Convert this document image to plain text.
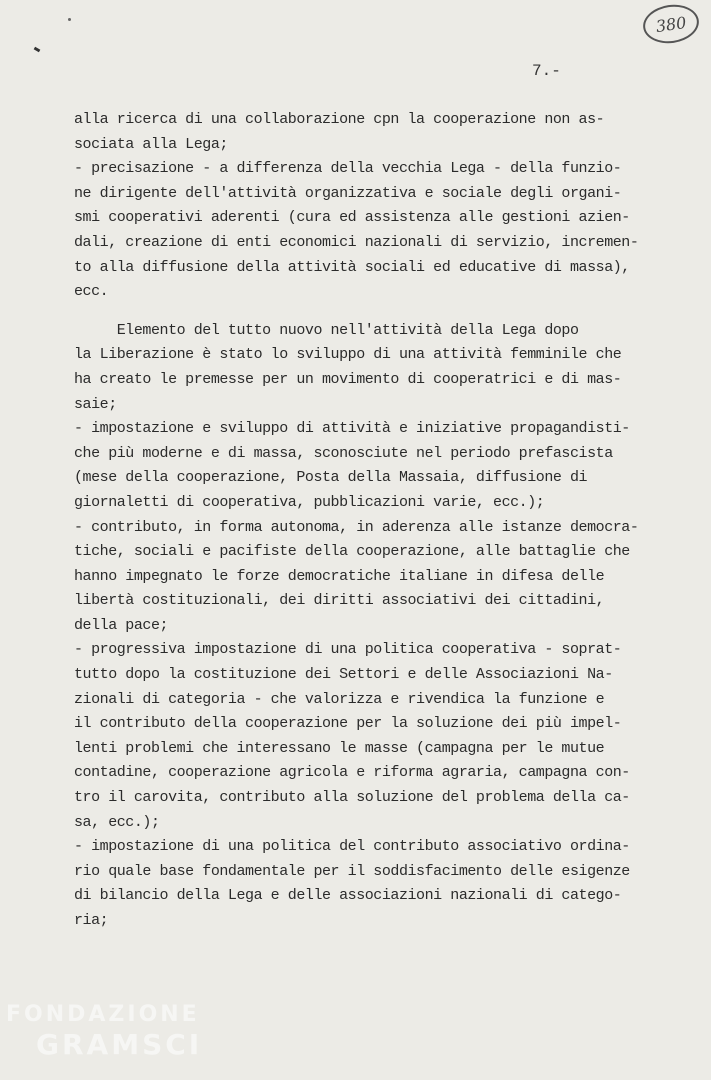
380
7.-

alla ricerca di una collaborazione cpn la cooperazione non as-

sociata alla Lega;

- precisazione - a differenza della vecchia Lega - della funzio-

ne dirigente dell'attività organizzativa e sociale degli organi-

smi cooperativi aderenti (cura ed assistenza alle gestioni azien-

dali, creazione di enti economici nazionali di servizio, incremen-

to alla diffusione della attività sociali ed educative di massa),

ecc.

Elemento del tutto nuovo nell'attività della Lega dopo

la Liberazione è stato lo sviluppo di una attività femminile che

ha creato le premesse per un movimento di cooperatrici e di mas-

saie;

- impostazione e sviluppo di attività e iniziative propagandisti-

che più moderne e di massa, sconosciute nel periodo prefascista

(mese della cooperazione, Posta della Massaia, diffusione di

giornaletti di cooperativa, pubblicazioni varie, ecc.);

- contributo, in forma autonoma, in aderenza alle istanze democra-

tiche, sociali e pacifiste della cooperazione, alle battaglie che

hanno impegnato le forze democratiche italiane in difesa delle

libertà costituzionali, dei diritti associativi dei cittadini,

della pace;

- progressiva impostazione di una politica cooperativa - soprat-

tutto dopo la costituzione dei Settori e delle Associazioni Na-

zionali di categoria - che valorizza e rivendica la funzione e

il contributo della cooperazione per la soluzione dei più impel-

lenti problemi che interessano le masse (campagna per le mutue

contadine, cooperazione agricola e riforma agraria, campagna con-

tro il carovita, contributo alla soluzione del problema della ca-

sa, ecc.);

- impostazione di una politica del contributo associativo ordina-

rio quale base fondamentale per il soddisfacimento delle esigenze

di bilancio della Lega e delle associazioni nazionali di catego-

ria;

FONDAZIONE
GRAMSCI
